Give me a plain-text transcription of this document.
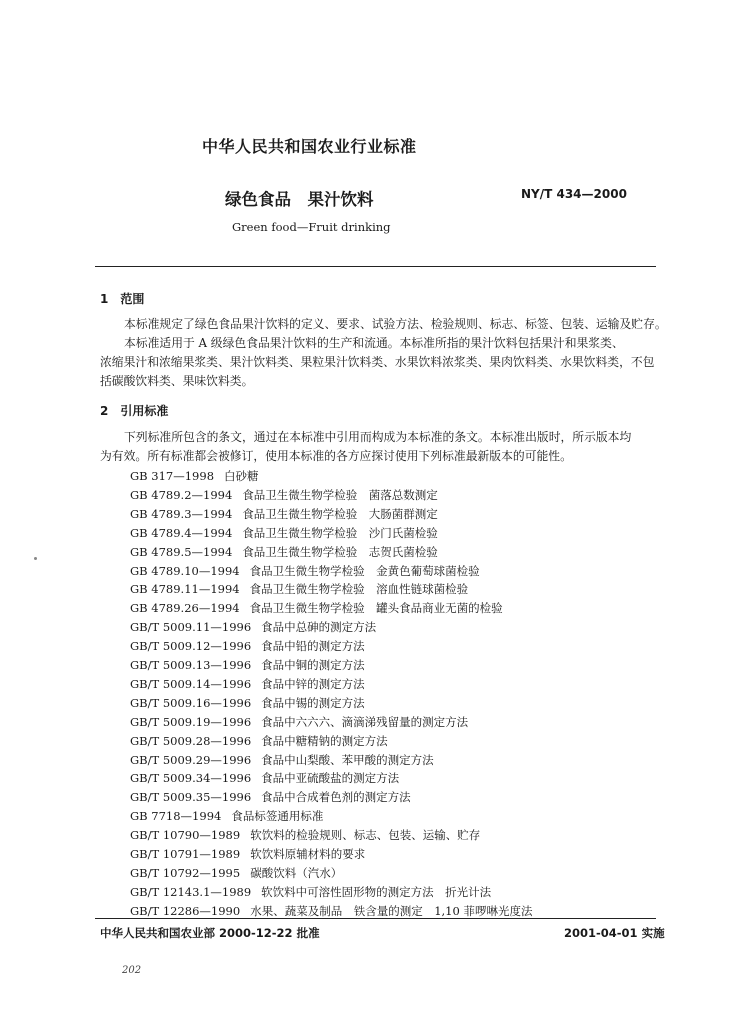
中华人民共和国农业行业标准
绿色食品　果汁饮料	NY/T 434—2000
Green food—Fruit drinking
1　范围
本标准规定了绿色食品果汁饮料的定义、要求、试验方法、检验规则、标志、标签、包装、运输及贮存。
本标准适用于 A 级绿色食品果汁饮料的生产和流通。本标准所指的果汁饮料包括果汁和果浆类、
浓缩果汁和浓缩果浆类、果汁饮料类、果粒果汁饮料类、水果饮料浓浆类、果肉饮料类、水果饮料类，不包
括碳酸饮料类、果味饮料类。
2　引用标准
下列标准所包含的条文，通过在本标准中引用而构成为本标准的条文。本标准出版时，所示版本均
为有效。所有标准都会被修订，使用本标准的各方应探讨使用下列标准最新版本的可能性。
GB 317—1998 白砂糖
GB 4789.2—1994 食品卫生微生物学检验　菌落总数测定
GB 4789.3—1994 食品卫生微生物学检验　大肠菌群测定
GB 4789.4—1994 食品卫生微生物学检验　沙门氏菌检验
GB 4789.5—1994 食品卫生微生物学检验　志贺氏菌检验
GB 4789.10—1994 食品卫生微生物学检验　金黄色葡萄球菌检验
GB 4789.11—1994 食品卫生微生物学检验　溶血性链球菌检验
GB 4789.26—1994 食品卫生微生物学检验　罐头食品商业无菌的检验
GB/T 5009.11—1996 食品中总砷的测定方法
GB/T 5009.12—1996 食品中铅的测定方法
GB/T 5009.13—1996 食品中铜的测定方法
GB/T 5009.14—1996 食品中锌的测定方法
GB/T 5009.16—1996 食品中锡的测定方法
GB/T 5009.19—1996 食品中六六六、滴滴涕残留量的测定方法
GB/T 5009.28—1996 食品中糖精钠的测定方法
GB/T 5009.29—1996 食品中山梨酸、苯甲酸的测定方法
GB/T 5009.34—1996 食品中亚硫酸盐的测定方法
GB/T 5009.35—1996 食品中合成着色剂的测定方法
GB 7718—1994 食品标签通用标准
GB/T 10790—1989 软饮料的检验规则、标志、包装、运输、贮存
GB/T 10791—1989 软饮料原辅材料的要求
GB/T 10792—1995 碳酸饮料（汽水）
GB/T 12143.1—1989 软饮料中可溶性固形物的测定方法　折光计法
GB/T 12286—1990 水果、蔬菜及制品　铁含量的测定　1,10 菲啰啉光度法
中华人民共和国农业部 2000-12-22 批准	2001-04-01 实施
202
